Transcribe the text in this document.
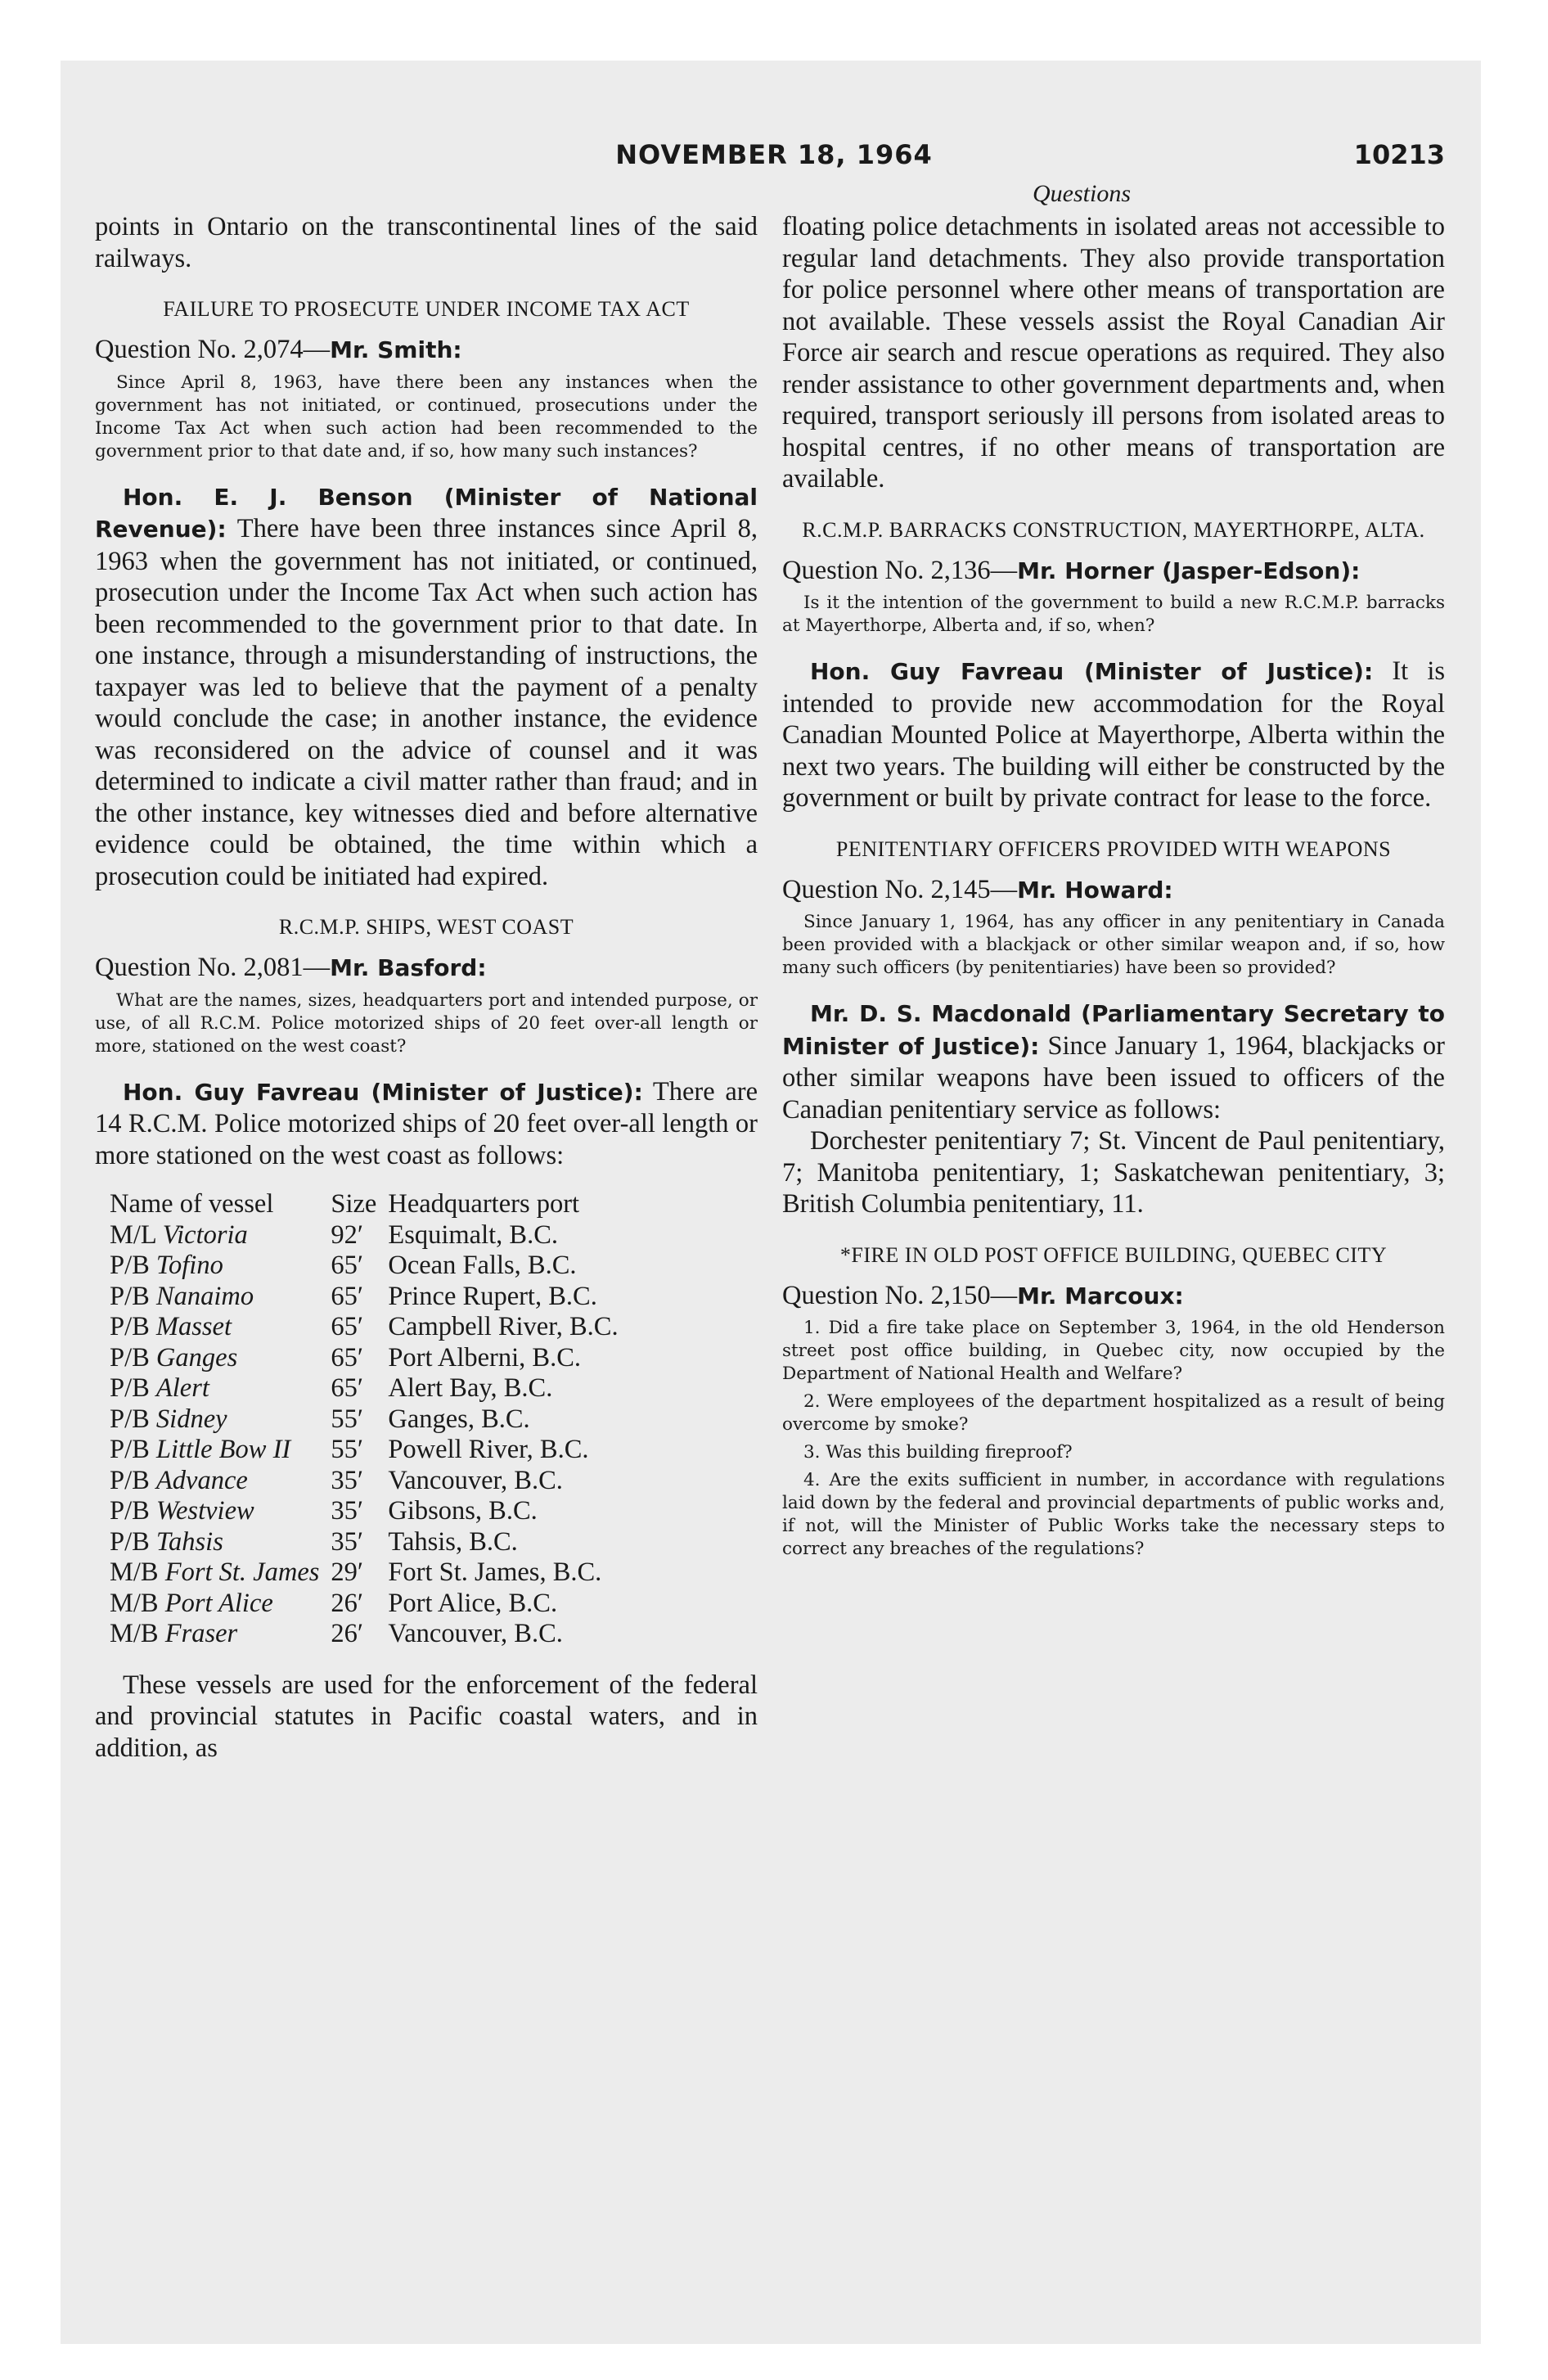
NOVEMBER 18, 1964	10213
Questions

points in Ontario on the transcontinental lines of the said railways.

FAILURE TO PROSECUTE UNDER INCOME TAX ACT

Question No. 2,074—Mr. Smith:

Since April 8, 1963, have there been any instances when the government has not initiated, or continued, prosecutions under the Income Tax Act when such action had been recommended to the government prior to that date and, if so, how many such instances?

Hon. E. J. Benson (Minister of National Revenue): There have been three instances since April 8, 1963 when the government has not initiated, or continued, prosecution under the Income Tax Act when such action has been recommended to the government prior to that date. In one instance, through a misunderstanding of instructions, the taxpayer was led to believe that the payment of a penalty would conclude the case; in another instance, the evidence was reconsidered on the advice of counsel and it was determined to indicate a civil matter rather than fraud; and in the other instance, key witnesses died and before alternative evidence could be obtained, the time within which a prosecution could be initiated had expired.

R.C.M.P. SHIPS, WEST COAST

Question No. 2,081—Mr. Basford:

What are the names, sizes, headquarters port and intended purpose, or use, of all R.C.M. Police motorized ships of 20 feet over-all length or more, stationed on the west coast?

Hon. Guy Favreau (Minister of Justice): There are 14 R.C.M. Police motorized ships of 20 feet over-all length or more stationed on the west coast as follows:

Name of vessel	Size	Headquarters port
M/L Victoria	92′	Esquimalt, B.C.
P/B Tofino	65′	Ocean Falls, B.C.
P/B Nanaimo	65′	Prince Rupert, B.C.
P/B Masset	65′	Campbell River, B.C.
P/B Ganges	65′	Port Alberni, B.C.
P/B Alert	65′	Alert Bay, B.C.
P/B Sidney	55′	Ganges, B.C.
P/B Little Bow II	55′	Powell River, B.C.
P/B Advance	35′	Vancouver, B.C.
P/B Westview	35′	Gibsons, B.C.
P/B Tahsis	35′	Tahsis, B.C.
M/B Fort St. James	29′	Fort St. James, B.C.
M/B Port Alice	26′	Port Alice, B.C.
M/B Fraser	26′	Vancouver, B.C.

These vessels are used for the enforcement of the federal and provincial statutes in Pacific coastal waters, and in addition, as

floating police detachments in isolated areas not accessible to regular land detachments. They also provide transportation for police personnel where other means of transportation are not available. These vessels assist the Royal Canadian Air Force air search and rescue operations as required. They also render assistance to other government departments and, when required, transport seriously ill persons from isolated areas to hospital centres, if no other means of transportation are available.

R.C.M.P. BARRACKS CONSTRUCTION, MAYERTHORPE, ALTA.

Question No. 2,136—Mr. Horner (Jasper-Edson):

Is it the intention of the government to build a new R.C.M.P. barracks at Mayerthorpe, Alberta and, if so, when?

Hon. Guy Favreau (Minister of Justice): It is intended to provide new accommodation for the Royal Canadian Mounted Police at Mayerthorpe, Alberta within the next two years. The building will either be constructed by the government or built by private contract for lease to the force.

PENITENTIARY OFFICERS PROVIDED WITH WEAPONS

Question No. 2,145—Mr. Howard:

Since January 1, 1964, has any officer in any penitentiary in Canada been provided with a blackjack or other similar weapon and, if so, how many such officers (by penitentiaries) have been so provided?

Mr. D. S. Macdonald (Parliamentary Secretary to Minister of Justice): Since January 1, 1964, blackjacks or other similar weapons have been issued to officers of the Canadian penitentiary service as follows:

Dorchester penitentiary 7; St. Vincent de Paul penitentiary, 7; Manitoba penitentiary, 1; Saskatchewan penitentiary, 3; British Columbia penitentiary, 11.

*FIRE IN OLD POST OFFICE BUILDING, QUEBEC CITY

Question No. 2,150—Mr. Marcoux:

1. Did a fire take place on September 3, 1964, in the old Henderson street post office building, in Quebec city, now occupied by the Department of National Health and Welfare?

2. Were employees of the department hospitalized as a result of being overcome by smoke?

3. Was this building fireproof?

4. Are the exits sufficient in number, in accordance with regulations laid down by the federal and provincial departments of public works and, if not, will the Minister of Public Works take the necessary steps to correct any breaches of the regulations?
